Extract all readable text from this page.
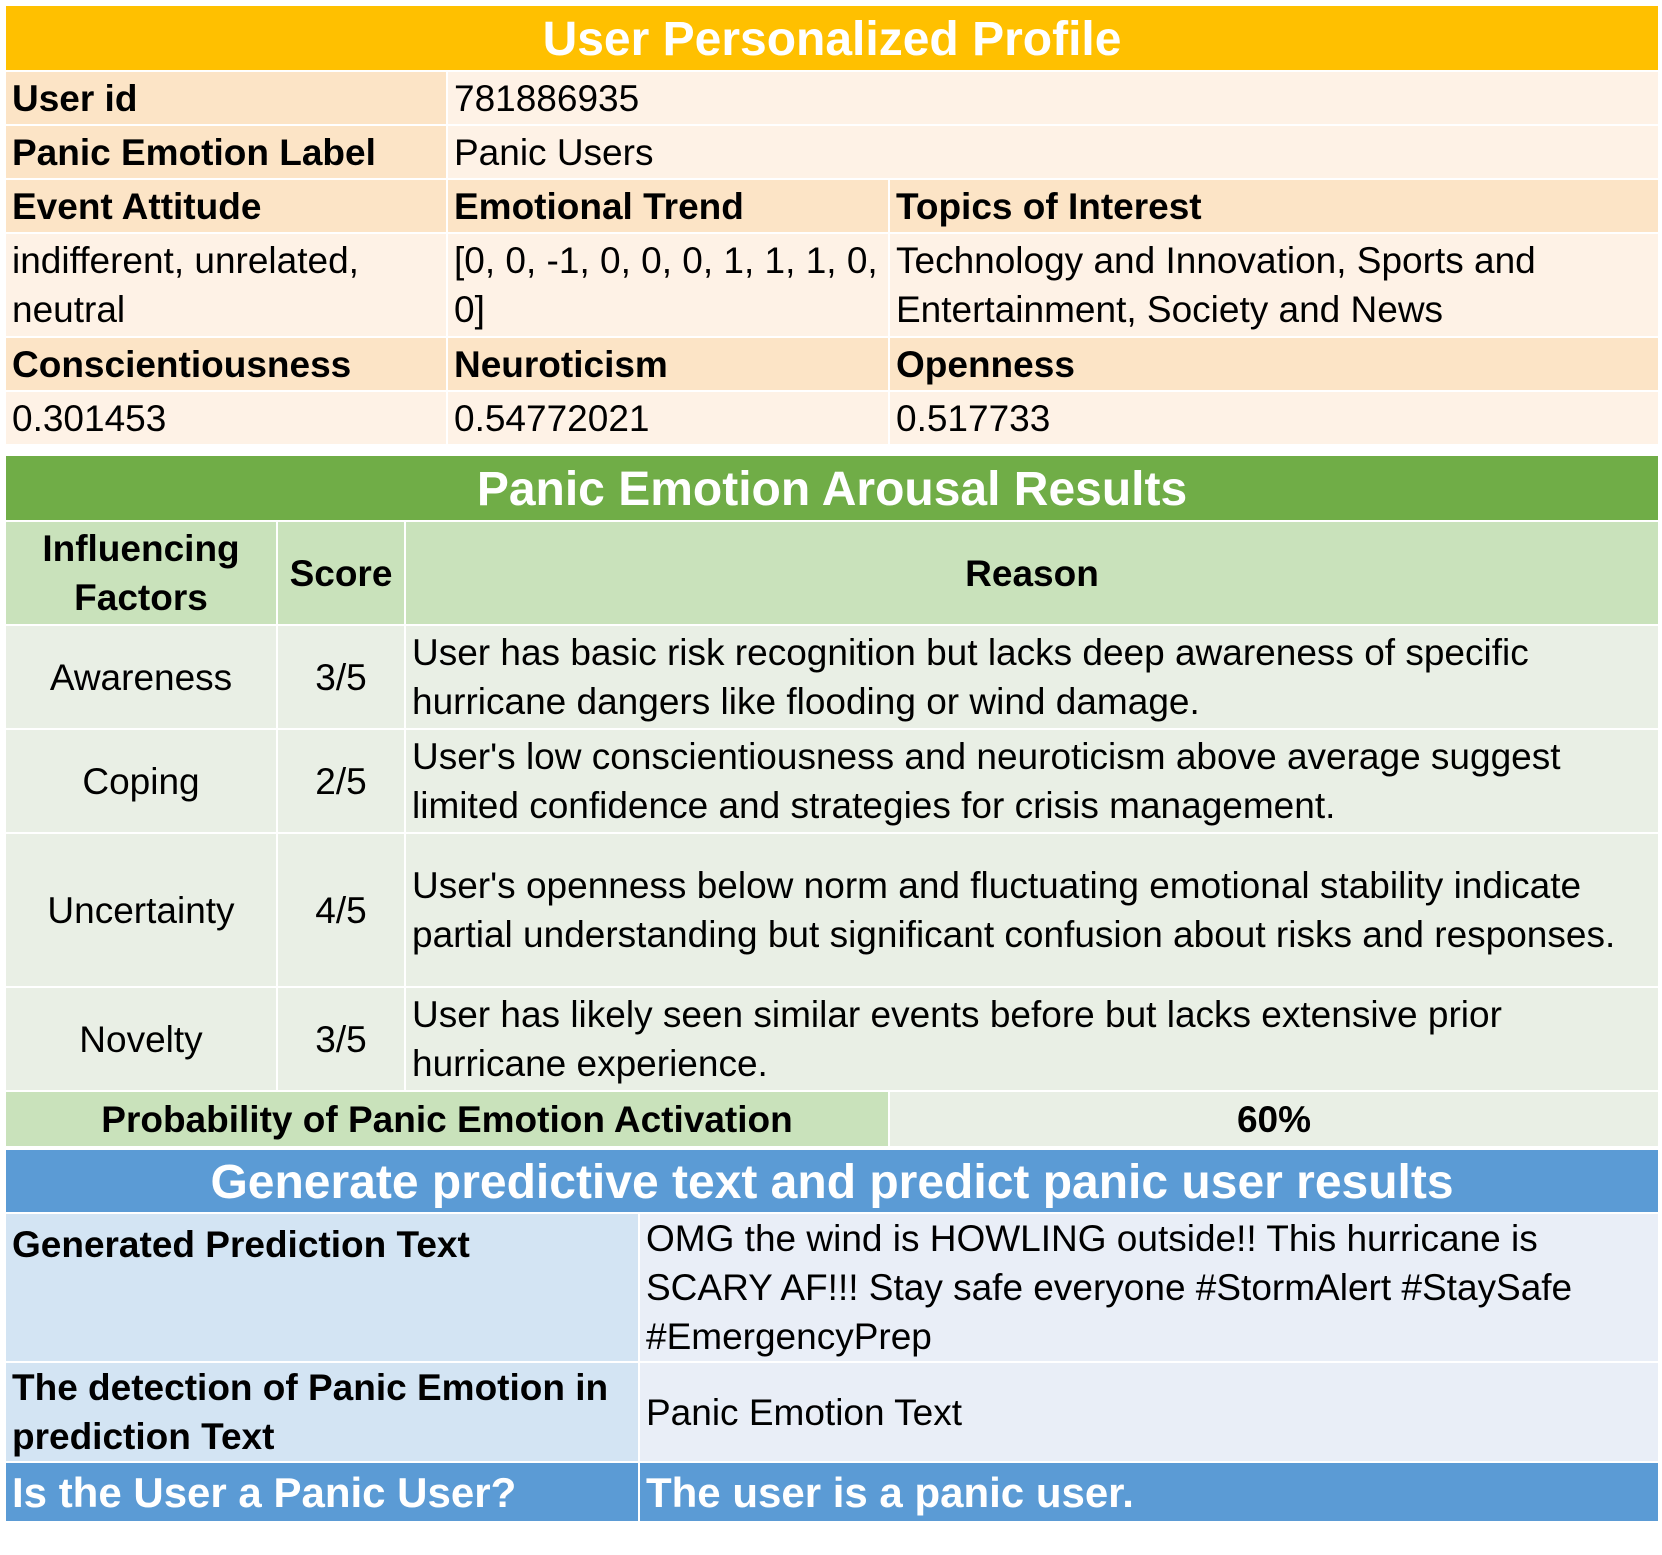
User Personalized Profile		
User id	781886935	
Panic Emotion Label	Panic Users	
Event Attitude	Emotional Trend	Topics of Interest
indifferent, unrelated, neutral	[0, 0, -1, 0, 0, 0, 1, 1, 1, 0, 0]	Technology and Innovation, Sports and Entertainment, Society and News
Conscientiousness	Neuroticism	Openness
0.301453	0.54772021	0.517733
Panic Emotion Arousal Results			
Influencing Factors	Score	Reason	
Awareness	3/5	User has basic risk recognition but lacks deep awareness of specific hurricane dangers like flooding or wind damage.	
Coping	2/5	User's low conscientiousness and neuroticism above average suggest limited confidence and strategies for crisis management.	
Uncertainty	4/5	User's openness below norm and fluctuating emotional stability indicate partial understanding but significant confusion about risks and responses.	
Novelty	3/5	User has likely seen similar events before but lacks extensive prior hurricane experience.	
Probability of Panic Emotion Activation			60%
Generate predictive text and predict panic user results	
Generated Prediction Text	OMG the wind is HOWLING outside!! This hurricane is SCARY AF!!! Stay safe everyone #StormAlert #StaySafe #EmergencyPrep
The detection of Panic Emotion in prediction Text	Panic Emotion Text
Is the User a Panic User?	The user is a panic user.
